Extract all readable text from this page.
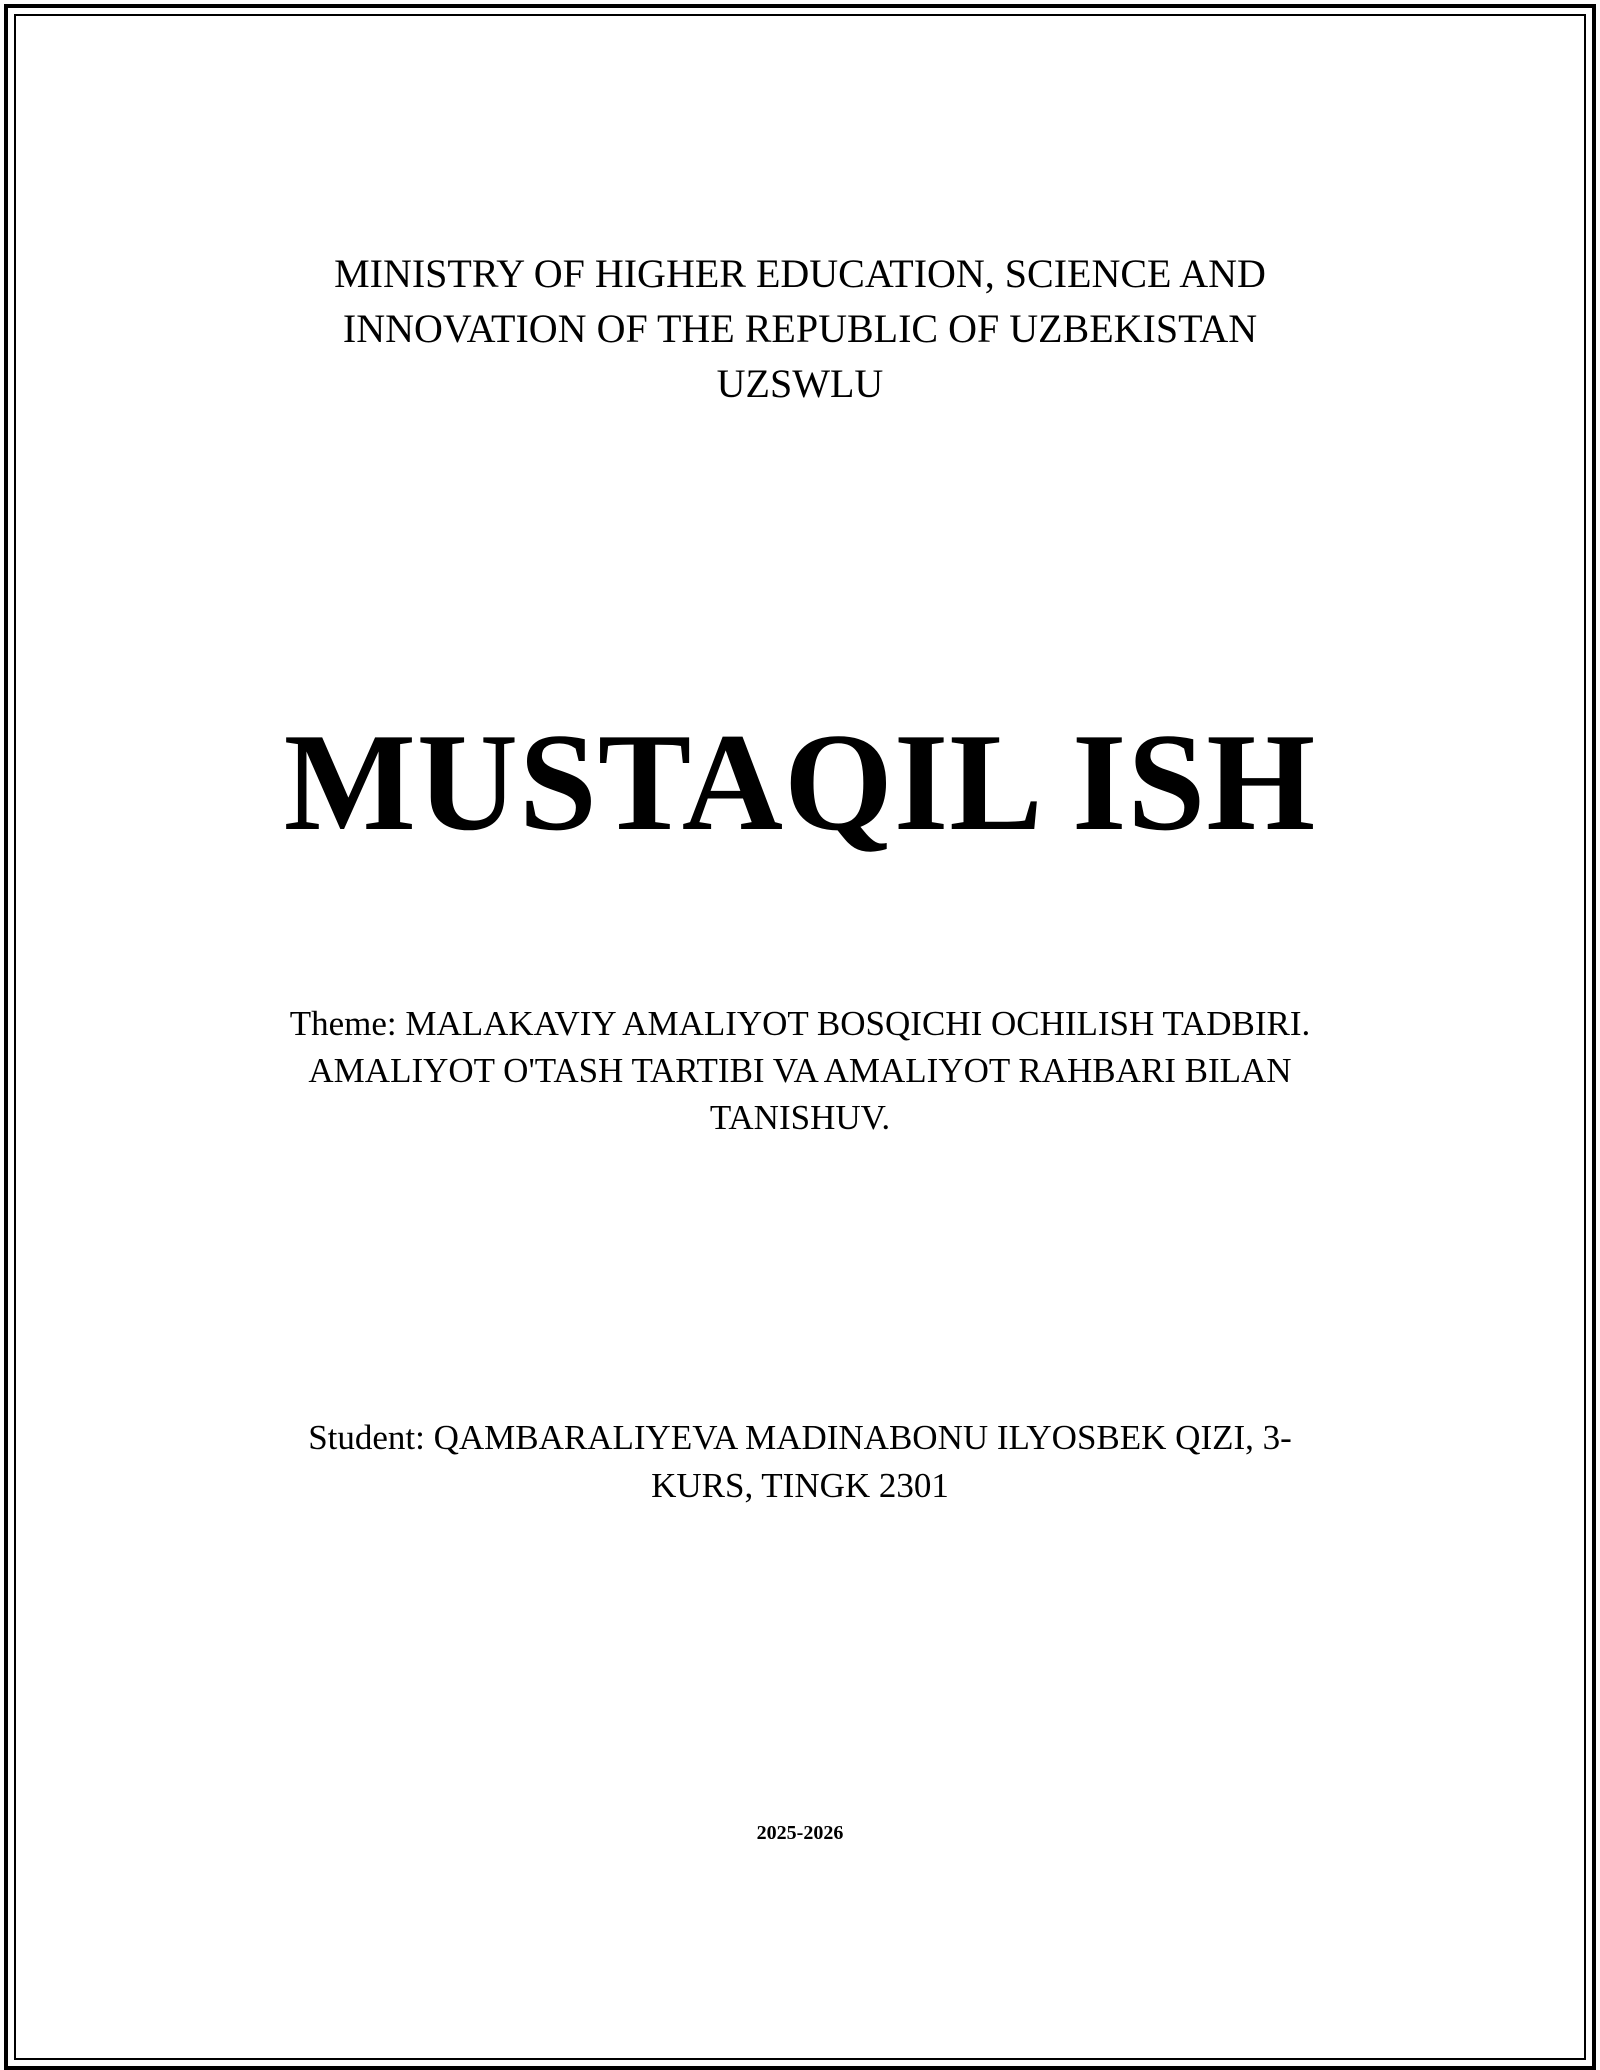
MINISTRY OF HIGHER EDUCATION, SCIENCE AND
INNOVATION OF THE REPUBLIC OF UZBEKISTAN
UZSWLU
MUSTAQIL ISH
Theme: MALAKAVIY AMALIYOT BOSQICHI OCHILISH TADBIRI.
AMALIYOT O'TASH TARTIBI VA AMALIYOT RAHBARI BILAN
TANISHUV.
Student: QAMBARALIYEVA MADINABONU ILYOSBEK QIZI, 3-
KURS, TINGK 2301
2025-2026
